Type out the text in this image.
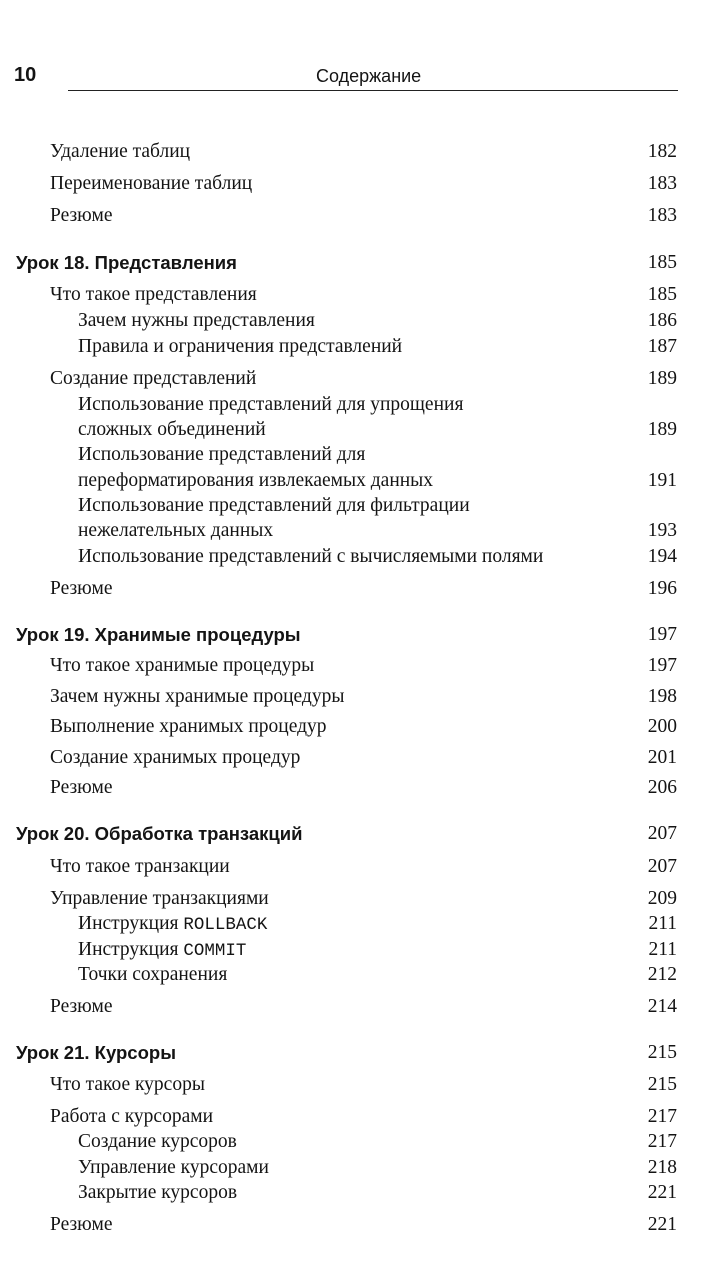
10	Содержание
Удаление таблиц	182
Переименование таблиц	183
Резюме	183
Урок 18. Представления	185
Что такое представления	185
Зачем нужны представления	186
Правила и ограничения представлений	187
Создание представлений	189
Использование представлений для упрощения
сложных объединений	189
Использование представлений для
переформатирования извлекаемых данных	191
Использование представлений для фильтрации
нежелательных данных	193
Использование представлений с вычисляемыми полями	194
Резюме	196
Урок 19. Хранимые процедуры	197
Что такое хранимые процедуры	197
Зачем нужны хранимые процедуры	198
Выполнение хранимых процедур	200
Создание хранимых процедур	201
Резюме	206
Урок 20. Обработка транзакций	207
Что такое транзакции	207
Управление транзакциями	209
Инструкция ROLLBACK	211
Инструкция COMMIT	211
Точки сохранения	212
Резюме	214
Урок 21. Курсоры	215
Что такое курсоры	215
Работа с курсорами	217
Создание курсоров	217
Управление курсорами	218
Закрытие курсоров	221
Резюме	221
